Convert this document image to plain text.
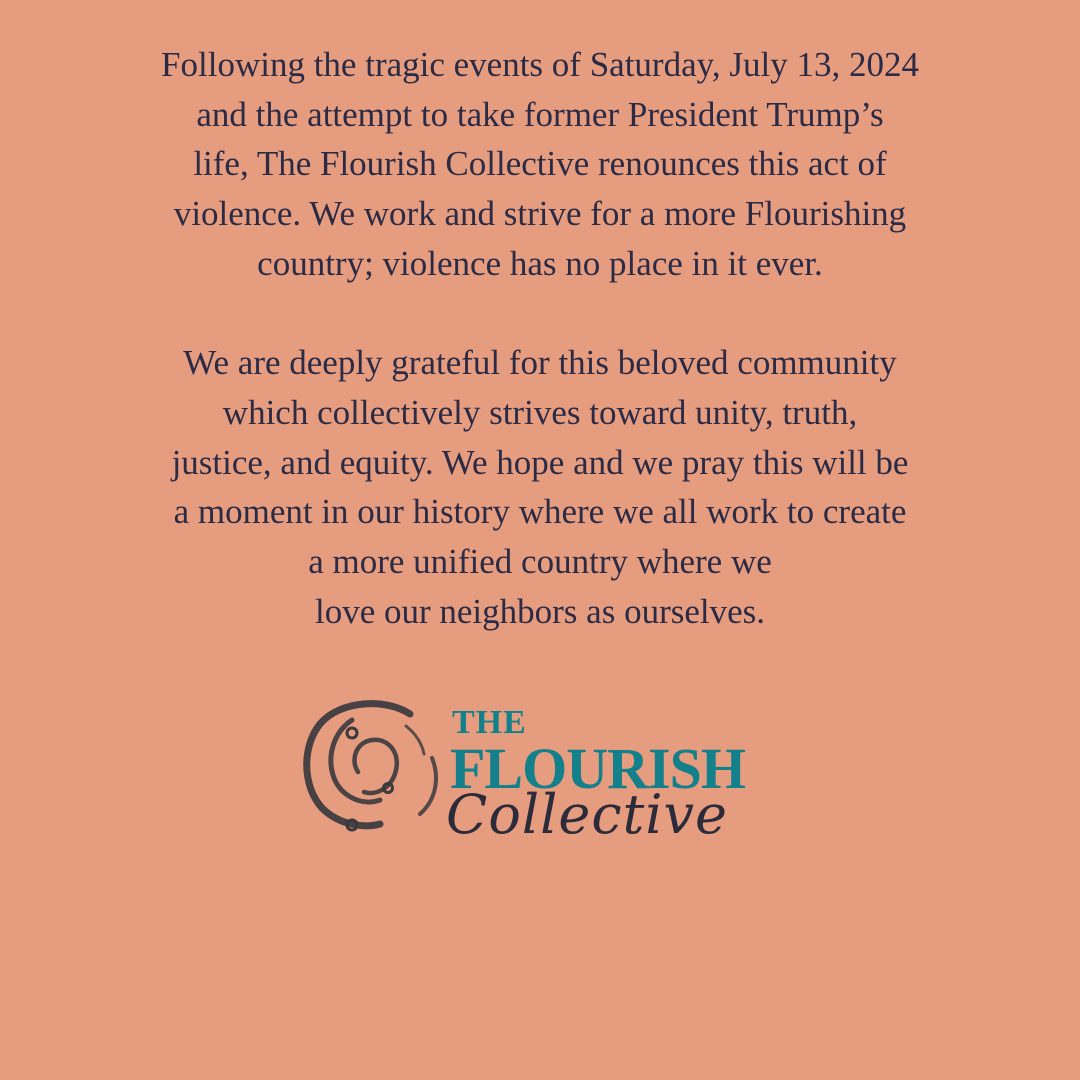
Following the tragic events of Saturday, July 13, 2024
and the attempt to take former President Trump’s
life, The Flourish Collective renounces this act of
violence. We work and strive for a more Flourishing
country; violence has no place in it ever.

We are deeply grateful for this beloved community
which collectively strives toward unity, truth,
justice, and equity. We hope and we pray this will be
a moment in our history where we all work to create
a more unified country where we
love our neighbors as ourselves.

THE
FLOURISH
Collective
